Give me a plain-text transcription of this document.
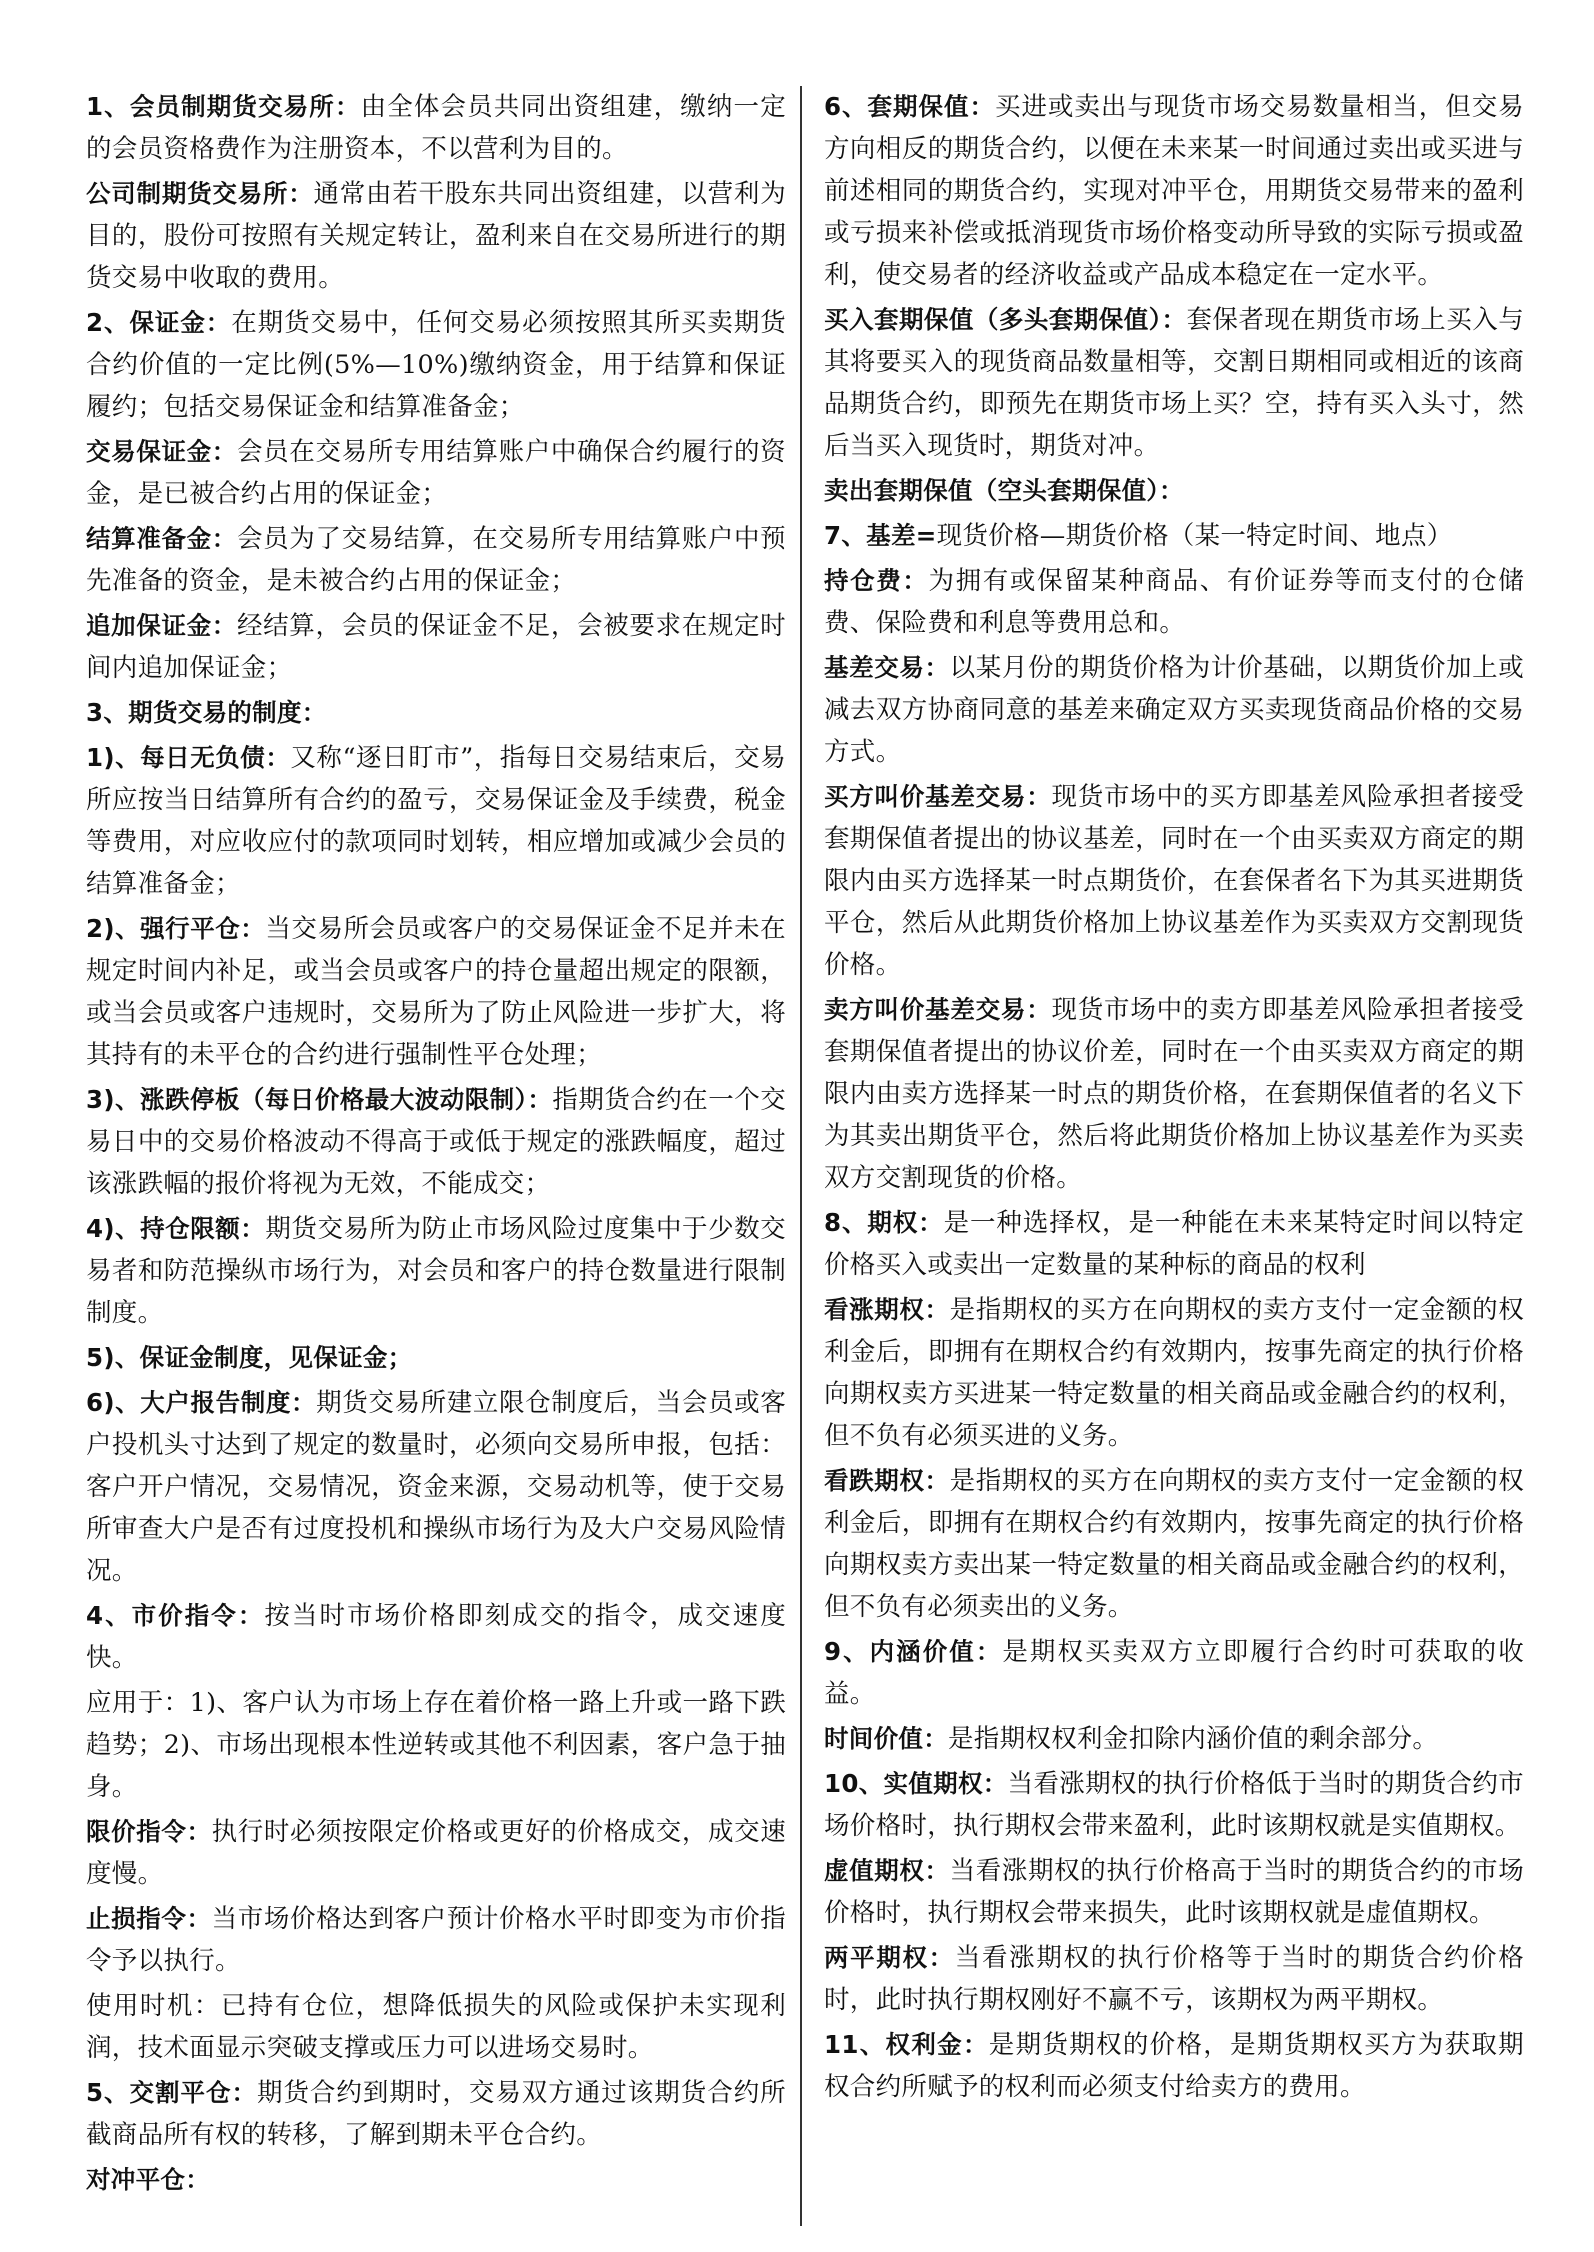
1、会员制期货交易所：由全体会员共同出资组建，缴纳一定的会员资格费作为注册资本，不以营利为目的。

公司制期货交易所：通常由若干股东共同出资组建，以营利为目的，股份可按照有关规定转让，盈利来自在交易所进行的期货交易中收取的费用。

2、保证金：在期货交易中，任何交易必须按照其所买卖期货合约价值的一定比例(5%—10%)缴纳资金，用于结算和保证履约；包括交易保证金和结算准备金；

交易保证金：会员在交易所专用结算账户中确保合约履行的资金，是已被合约占用的保证金；

结算准备金：会员为了交易结算，在交易所专用结算账户中预先准备的资金，是未被合约占用的保证金；

追加保证金：经结算，会员的保证金不足，会被要求在规定时间内追加保证金；

3、期货交易的制度：

1)、每日无负债：又称“逐日盯市”，指每日交易结束后，交易所应按当日结算所有合约的盈亏，交易保证金及手续费，税金等费用，对应收应付的款项同时划转，相应增加或减少会员的结算准备金；

2)、强行平仓：当交易所会员或客户的交易保证金不足并未在规定时间内补足，或当会员或客户的持仓量超出规定的限额，或当会员或客户违规时，交易所为了防止风险进一步扩大，将其持有的未平仓的合约进行强制性平仓处理；

3)、涨跌停板（每日价格最大波动限制）：指期货合约在一个交易日中的交易价格波动不得高于或低于规定的涨跌幅度，超过该涨跌幅的报价将视为无效，不能成交；

4)、持仓限额：期货交易所为防止市场风险过度集中于少数交易者和防范操纵市场行为，对会员和客户的持仓数量进行限制制度。

5)、保证金制度，见保证金；

6)、大户报告制度：期货交易所建立限仓制度后，当会员或客户投机头寸达到了规定的数量时，必须向交易所申报，包括：客户开户情况，交易情况，资金来源，交易动机等，使于交易所审查大户是否有过度投机和操纵市场行为及大户交易风险情况。

4、市价指令：按当时市场价格即刻成交的指令，成交速度快。

应用于：1)、客户认为市场上存在着价格一路上升或一路下跌趋势；2)、市场出现根本性逆转或其他不利因素，客户急于抽身。

限价指令：执行时必须按限定价格或更好的价格成交，成交速度慢。

止损指令：当市场价格达到客户预计价格水平时即变为市价指令予以执行。

使用时机：已持有仓位，想降低损失的风险或保护未实现利润，技术面显示突破支撑或压力可以进场交易时。

5、交割平仓：期货合约到期时，交易双方通过该期货合约所截商品所有权的转移，了解到期未平仓合约。

对冲平仓：

6、套期保值：买进或卖出与现货市场交易数量相当，但交易方向相反的期货合约，以便在未来某一时间通过卖出或买进与前述相同的期货合约，实现对冲平仓，用期货交易带来的盈利或亏损来补偿或抵消现货市场价格变动所导致的实际亏损或盈利，使交易者的经济收益或产品成本稳定在一定水平。

买入套期保值（多头套期保值）：套保者现在期货市场上买入与其将要买入的现货商品数量相等，交割日期相同或相近的该商品期货合约，即预先在期货市场上买？空，持有买入头寸，然后当买入现货时，期货对冲。

卖出套期保值（空头套期保值）：

7、基差=现货价格—期货价格（某一特定时间、地点）

持仓费：为拥有或保留某种商品、有价证券等而支付的仓储费、保险费和利息等费用总和。

基差交易：以某月份的期货价格为计价基础，以期货价加上或减去双方协商同意的基差来确定双方买卖现货商品价格的交易方式。

买方叫价基差交易：现货市场中的买方即基差风险承担者接受套期保值者提出的协议基差，同时在一个由买卖双方商定的期限内由买方选择某一时点期货价，在套保者名下为其买进期货平仓，然后从此期货价格加上协议基差作为买卖双方交割现货价格。

卖方叫价基差交易：现货市场中的卖方即基差风险承担者接受套期保值者提出的协议价差，同时在一个由买卖双方商定的期限内由卖方选择某一时点的期货价格，在套期保值者的名义下为其卖出期货平仓，然后将此期货价格加上协议基差作为买卖双方交割现货的价格。

8、期权：是一种选择权，是一种能在未来某特定时间以特定价格买入或卖出一定数量的某种标的商品的权利

看涨期权：是指期权的买方在向期权的卖方支付一定金额的权利金后，即拥有在期权合约有效期内，按事先商定的执行价格向期权卖方买进某一特定数量的相关商品或金融合约的权利，但不负有必须买进的义务。

看跌期权：是指期权的买方在向期权的卖方支付一定金额的权利金后，即拥有在期权合约有效期内，按事先商定的执行价格向期权卖方卖出某一特定数量的相关商品或金融合约的权利，但不负有必须卖出的义务。

9、内涵价值：是期权买卖双方立即履行合约时可获取的收益。

时间价值：是指期权权利金扣除内涵价值的剩余部分。

10、实值期权：当看涨期权的执行价格低于当时的期货合约市场价格时，执行期权会带来盈利，此时该期权就是实值期权。

虚值期权：当看涨期权的执行价格高于当时的期货合约的市场价格时，执行期权会带来损失，此时该期权就是虚值期权。

两平期权：当看涨期权的执行价格等于当时的期货合约价格时，此时执行期权刚好不赢不亏，该期权为两平期权。

11、权利金：是期货期权的价格，是期货期权买方为获取期权合约所赋予的权利而必须支付给卖方的费用。
